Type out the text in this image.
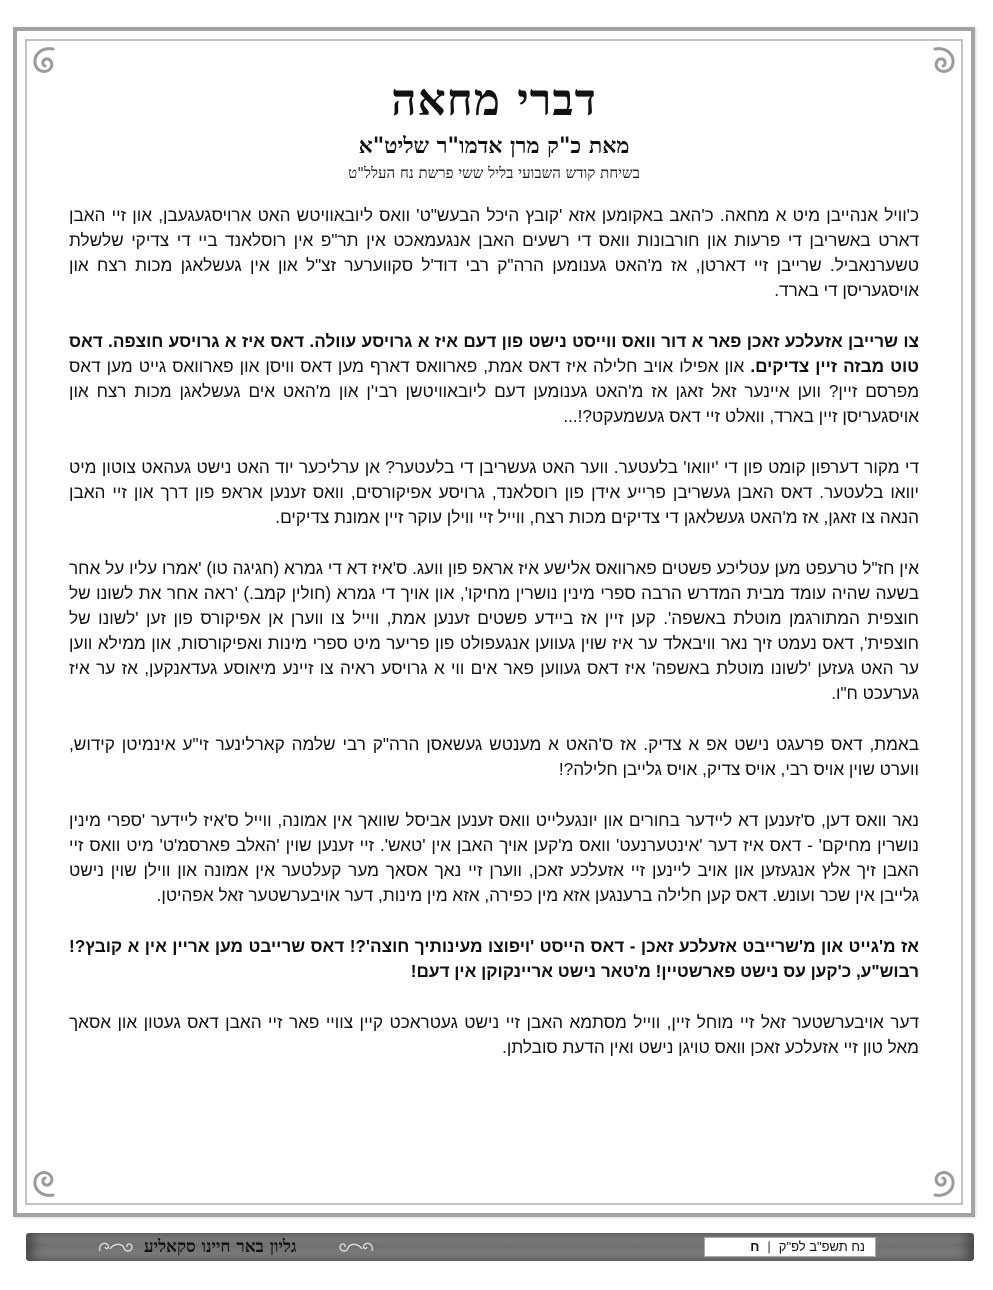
דברי מחאה
מאת כ"ק מרן אדמו"ר שליט"א
בשיחת קודש השבועי בליל ששי פרשת נח העלל"ט

כ'וויל אנהייבן מיט א מחאה. כ'האב באקומען אזא 'קובץ היכל הבעש"ט' וואס ליובאוויטש האט ארויסגעגעבן, און זיי האבן דארט באשריבן די פרעות און חורבונות וואס די רשעים האבן אנגעמאכט אין תר"פ אין רוסלאנד ביי די צדיקי שלשלת טשערנאביל. שרייבן זיי דארטן, אז מ'האט גענומען הרה"ק רבי דוד'ל סקווערער זצ"ל און אין געשלאגן מכות רצח און אויסגעריסן די בארד.

צו שרייבן אזעלכע זאכן פאר א דור וואס ווייסט נישט פון דעם איז א גרויסע עוולה. דאס איז א גרויסע חוצפה. דאס טוט מבזה זיין צדיקים. און אפילו אויב חלילה איז דאס אמת, פארוואס דארף מען דאס וויסן און פארוואס גייט מען דאס מפרסם זיין? ווען איינער זאל זאגן אז מ'האט גענומען דעם ליובאוויטשן רבי'ן און מ'האט אים געשלאגן מכות רצח און אויסגעריסן זיין בארד, וואלט זיי דאס געשמעקט?!...

די מקור דערפון קומט פון די 'יוואו' בלעטער. ווער האט געשריבן די בלעטער? אן ערליכער יוד האט נישט געהאט צוטון מיט יוואו בלעטער. דאס האבן געשריבן פרייע אידן פון רוסלאנד, גרויסע אפיקורסים, וואס זענען אראפ פון דרך און זיי האבן הנאה צו זאגן, אז מ'האט געשלאגן די צדיקים מכות רצח, ווייל זיי ווילן עוקר זיין אמונת צדיקים.

אין חז"ל טרעפט מען עטליכע פשטים פארוואס אלישע איז אראפ פון וועג. ס'איז דא די גמרא (חגיגה טו) 'אמרו עליו על אחר בשעה שהיה עומד מבית המדרש הרבה ספרי מינין נושרין מחיקו', און אויך די גמרא (חולין קמב.) 'ראה אחר את לשונו של חוצפית המתורגמן מוטלת באשפה'. קען זיין אז ביידע פשטים זענען אמת, ווייל צו ווערן אן אפיקורס פון זען 'לשונו של חוצפית', דאס נעמט זיך נאר וויבאלד ער איז שוין געווען אנגעפולט פון פריער מיט ספרי מינות ואפיקורסות, און ממילא ווען ער האט געזען 'לשונו מוטלת באשפה' איז דאס געווען פאר אים ווי א גרויסע ראיה צו זיינע מיאוסע געדאנקען, אז ער איז גערעכט ח"ו.

באמת, דאס פרעגט נישט אפ א צדיק. אז ס'האט א מענטש געשאסן הרה"ק רבי שלמה קארלינער זי"ע אינמיטן קידוש, ווערט שוין אויס רבי, אויס צדיק, אויס גלייבן חלילה?!

נאר וואס דען, ס'זענען דא לײדער בחורים און יונגעלייט וואס זענען אביסל שוואך אין אמונה, ווייל ס'איז לײדער 'ספרי מינין נושרין מחיקם' - דאס איז דער 'אינטערנעט' וואס מ'קען אויך האבן אין 'טאש'. זיי זענען שוין 'האלב פארסמ'ט' מיט וואס זיי האבן זיך אלץ אנגעזען און אויב ליינען זיי אזעלכע זאכן, ווערן זיי נאך אסאך מער קעלטער אין אמונה און ווילן שוין נישט גלייבן אין שכר ועונש. דאס קען חלילה ברענגען אזא מין כפירה, אזא מין מינות, דער אויבערשטער זאל אפהיטן.

אז מ'גייט און מ'שרייבט אזעלכע זאכן - דאס הייסט 'ויפוצו מעינותיך חוצה'?! דאס שרייבט מען אריין אין א קובץ?! רבוש"ע, כ'קען עס נישט פארשטיין! מ'טאר נישט אריינקוקן אין דעם!

דער אויבערשטער זאל זיי מוחל זיין, ווייל מסתמא האבן זיי נישט געטראכט קיין צוויי פאר זיי האבן דאס געטון און אסאך מאל טון זיי אזעלכע זאכן וואס טויגן נישט ואין הדעת סובלתן.

גליון באר חיינו סקאליע	נח תשפ"ב לפ"ק
|
ח
